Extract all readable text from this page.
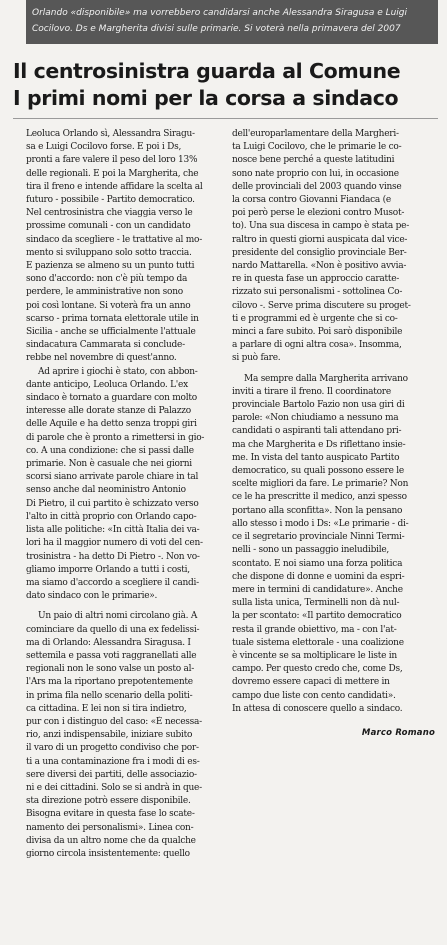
Orlando «disponibile» ma vorrebbero candidarsi anche Alessandra Siragusa e Luigi
Cocilovo. Ds e Margherita divisi sulle primarie. Si voterà nella primavera del 2007
Il centrosinistra guarda al Comune
I primi nomi per la corsa a sindaco

Leoluca Orlando sì, Alessandra Siragu-
sa e Luigi Cocilovo forse. E poi i Ds,
pronti a fare valere il peso del loro 13%
delle regionali. E poi la Margherita, che
tira il freno e intende affidare la scelta al
futuro - possibile - Partito democratico.
Nel centrosinistra che viaggia verso le
prossime comunali - con un candidato
sindaco da scegliere - le trattative al mo-
mento si sviluppano solo sotto traccia.
E pazienza se almeno su un punto tutti
sono d'accordo: non c'è più tempo da
perdere, le amministrative non sono
poi così lontane. Si voterà fra un anno
scarso - prima tornata elettorale utile in
Sicilia - anche se ufficialmente l'attuale
sindacatura Cammarata si conclude-
rebbe nel novembre di quest'anno.

Ad aprire i giochi è stato, con abbon-
dante anticipo, Leoluca Orlando. L'ex
sindaco è tornato a guardare con molto
interesse alle dorate stanze di Palazzo
delle Aquile e ha detto senza troppi giri
di parole che è pronto a rimettersi in gio-
co. A una condizione: che si passi dalle
primarie. Non è casuale che nei giorni
scorsi siano arrivate parole chiare in tal
senso anche dal neoministro Antonio
Di Pietro, il cui partito è schizzato verso
l'alto in città proprio con Orlando capo-
lista alle politiche: «In città Italia dei va-
lori ha il maggior numero di voti del cen-
trosinistra - ha detto Di Pietro -. Non vo-
gliamo imporre Orlando a tutti i costi,
ma siamo d'accordo a scegliere il candi-
dato sindaco con le primarie».

Un paio di altri nomi circolano già. A
cominciare da quello di una ex fedelissi-
ma di Orlando: Alessandra Siragusa. I
settemila e passa voti raggranellati alle
regionali non le sono valse un posto al-
l'Ars ma la riportano prepotentemente
in prima fila nello scenario della politi-
ca cittadina. E lei non si tira indietro,
pur con i distinguo del caso: «È necessa-
rio, anzi indispensabile, iniziare subito
il varo di un progetto condiviso che por-
ti a una contaminazione fra i modi di es-
sere diversi dei partiti, delle associazio-
ni e dei cittadini. Solo se si andrà in que-
sta direzione potrò essere disponibile.
Bisogna evitare in questa fase lo scate-
namento dei personalismi». Linea con-
divisa da un altro nome che da qualche
giorno circola insistentemente: quello

dell'europarlamentare della Margheri-
ta Luigi Cocilovo, che le primarie le co-
nosce bene perché a queste latitudini
sono nate proprio con lui, in occasione
delle provinciali del 2003 quando vinse
la corsa contro Giovanni Fiandaca (e
poi però perse le elezioni contro Musot-
to). Una sua discesa in campo è stata pe-
raltro in questi giorni auspicata dal vice-
presidente del consiglio provinciale Ber-
nardo Mattarella. «Non è positivo avvia-
re in questa fase un approccio caratte-
rizzato sui personalismi - sottolinea Co-
cilovo -. Serve prima discutere su proget-
ti e programmi ed è urgente che si co-
minci a fare subito. Poi sarò disponibile
a parlare di ogni altra cosa». Insomma,
si può fare.

Ma sempre dalla Margherita arrivano
inviti a tirare il freno. Il coordinatore
provinciale Bartolo Fazio non usa giri di
parole: «Non chiudiamo a nessuno ma
candidati o aspiranti tali attendano pri-
ma che Margherita e Ds riflettano insie-
me. In vista del tanto auspicato Partito
democratico, su quali possono essere le
scelte migliori da fare. Le primarie? Non
ce le ha prescritte il medico, anzi spesso
portano alla sconfitta». Non la pensano
allo stesso i modo i Ds: «Le primarie - di-
ce il segretario provinciale Ninni Termi-
nelli - sono un passaggio ineludibile,
scontato. E noi siamo una forza politica
che dispone di donne e uomini da espri-
mere in termini di candidature». Anche
sulla lista unica, Terminelli non dà nul-
la per scontato: «Il partito democratico
resta il grande obiettivo, ma - con l'at-
tuale sistema elettorale - una coalizione
è vincente se sa moltiplicare le liste in
campo. Per questo credo che, come Ds,
dovremo essere capaci di mettere in
campo due liste con cento candidati».
In attesa di conoscere quello a sindaco.

Marco Romano
